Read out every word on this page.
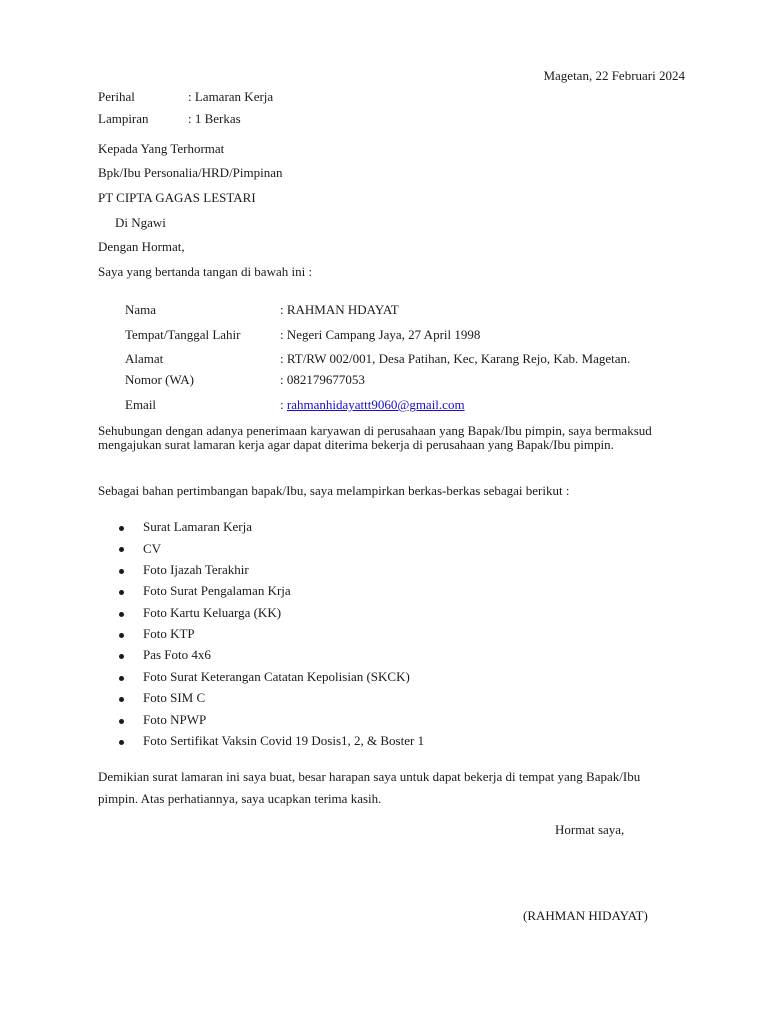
Magetan, 22 Februari 2024
Perihal	: Lamaran Kerja
Lampiran	: 1 Berkas
Kepada Yang Terhormat
Bpk/Ibu Personalia/HRD/Pimpinan
PT CIPTA GAGAS LESTARI
Di Ngawi
Dengan Hormat,
Saya yang bertanda tangan di bawah ini :
Nama	: RAHMAN HDAYAT
Tempat/Tanggal Lahir	: Negeri Campang Jaya, 27 April 1998
Alamat	: RT/RW 002/001, Desa Patihan, Kec, Karang Rejo, Kab. Magetan.
Nomor (WA)	: 082179677053
Email	: rahmanhidayattt9060@gmail.com
Sehubungan dengan adanya penerimaan karyawan di perusahaan yang Bapak/Ibu pimpin, saya bermaksud mengajukan surat lamaran kerja agar dapat diterima bekerja di perusahaan yang Bapak/Ibu pimpin.
Sebagai bahan pertimbangan bapak/Ibu, saya melampirkan berkas-berkas sebagai berikut :
Surat Lamaran Kerja
CV
Foto Ijazah Terakhir
Foto Surat Pengalaman Krja
Foto Kartu Keluarga (KK)
Foto KTP
Pas Foto 4x6
Foto Surat Keterangan Catatan Kepolisian (SKCK)
Foto SIM C
Foto NPWP
Foto Sertifikat Vaksin Covid 19 Dosis1, 2, & Boster 1
Demikian surat lamaran ini saya buat, besar harapan saya untuk dapat bekerja di tempat yang Bapak/Ibu
pimpin. Atas perhatiannya, saya ucapkan terima kasih.
Hormat saya,
(RAHMAN HIDAYAT)
